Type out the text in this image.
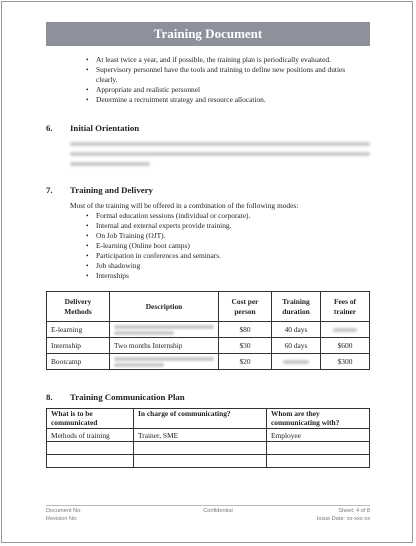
Training Document
• At least twice a year, and if possible, the training plan is periodically evaluated.
• Supervisory personnel have the tools and training to define new positions and duties clearly.
• Appropriate and realistic personnel
• Determine a recruitment strategy and resource allocation.
6.	Initial Orientation
7.	Training and Delivery
Most of the training will be offered in a combination of the following modes:
• Formal education sessions (individual or corporate).
• Internal and external experts provide training.
• On Job Training (OJT).
• E-learning (Online boot camps)
• Participation in conferences and seminars.
• Job shadowing
• Internships
Delivery Methods	Description	Cost per person	Training duration	Fees of trainer
E-learning		$80	40 days	

Internship	Two months Internship	$30	60 days	$600
Bootcamp		$20		$300
8.	Training Communication Plan
What is to be communicated	In charge of communicating?	Whom are they communicating with?
Methods of training	Trainer, SME	Employee

Document No:
Revision No:
Confidential	Sheet: 4 of 8
Issue Date: xx-xxx-xx
